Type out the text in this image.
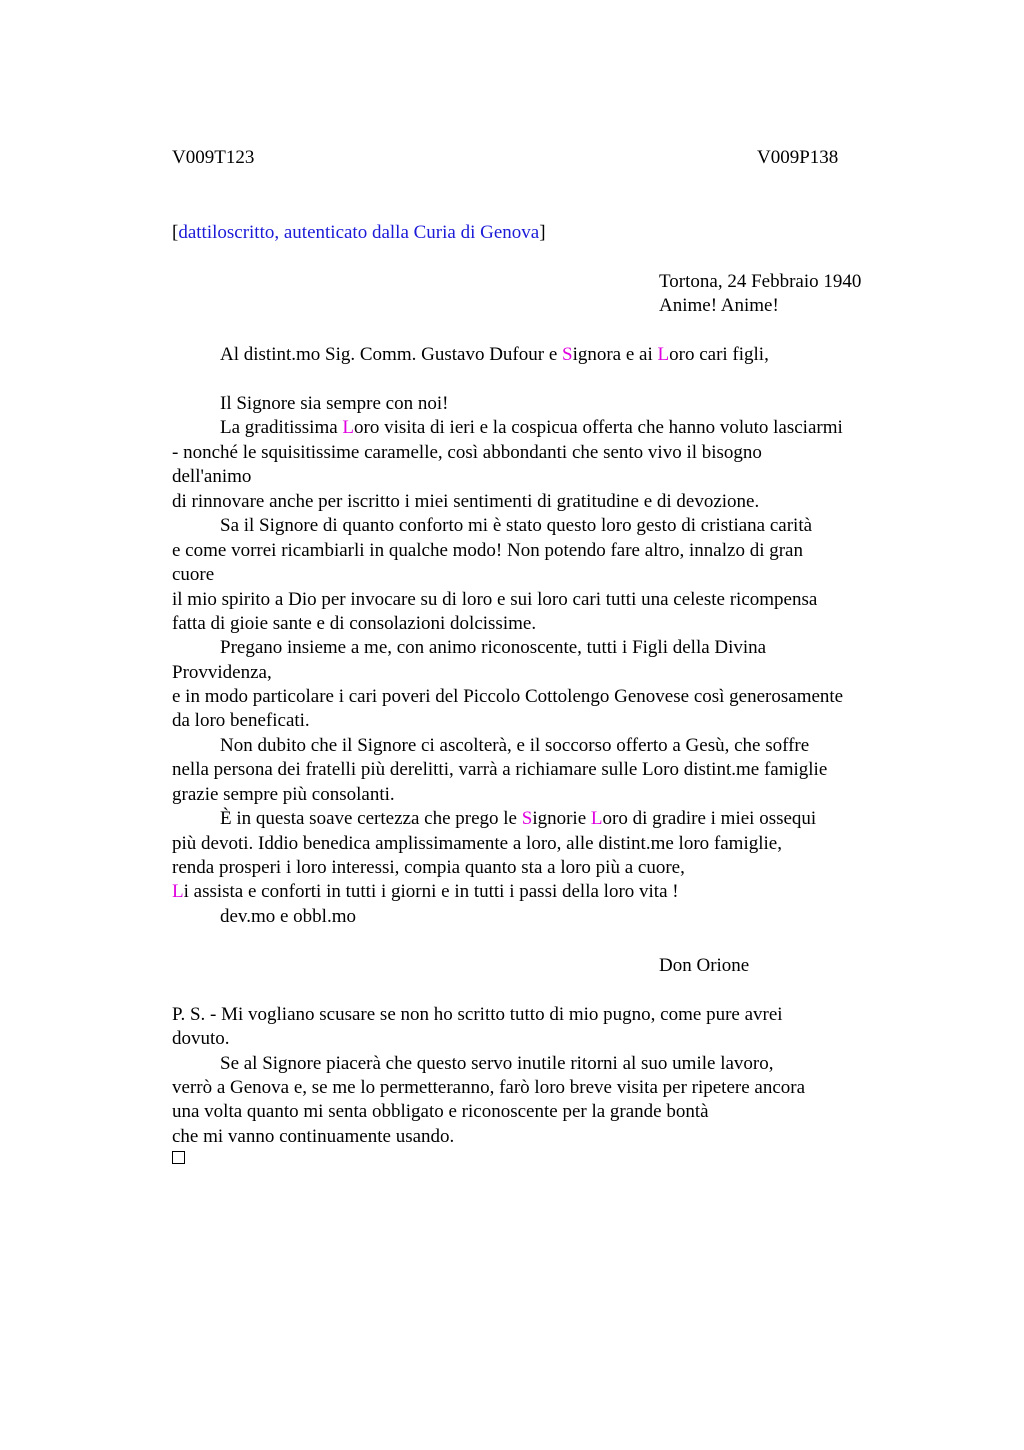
V009T123	V009P138
[dattiloscritto, autenticato dalla Curia di Genova]
Tortona, 24 Febbraio 1940
Anime! Anime!
Al distint.mo Sig. Comm. Gustavo Dufour e Signora e ai Loro cari figli,
Il Signore sia sempre con noi!
La graditissima Loro visita di ieri e la cospicua offerta che hanno voluto lasciarmi
- nonché le squisitissime caramelle, così abbondanti che sento vivo il bisogno
dell'animo
di rinnovare anche per iscritto i miei sentimenti di gratitudine e di devozione.
Sa il Signore di quanto conforto mi è stato questo loro gesto di cristiana carità
e come vorrei ricambiarli in qualche modo! Non potendo fare altro, innalzo di gran
cuore
il mio spirito a Dio per invocare su di loro e sui loro cari tutti una celeste ricompensa
fatta di gioie sante e di consolazioni dolcissime.
Pregano insieme a me, con animo riconoscente, tutti i Figli della Divina
Provvidenza,
e in modo particolare i cari poveri del Piccolo Cottolengo Genovese così generosamente
da loro beneficati.
Non dubito che il Signore ci ascolterà, e il soccorso offerto a Gesù, che soffre
nella persona dei fratelli più derelitti, varrà a richiamare sulle Loro distint.me famiglie
grazie sempre più consolanti.
È in questa soave certezza che prego le Signorie Loro di gradire i miei ossequi
più devoti. Iddio benedica amplissimamente a loro, alle distint.me loro famiglie,
renda prosperi i loro interessi, compia quanto sta a loro più a cuore,
Li assista e conforti in tutti i giorni e in tutti i passi della loro vita !
dev.mo e obbl.mo
Don Orione
P. S. - Mi vogliano scusare se non ho scritto tutto di mio pugno, come pure avrei
dovuto.
Se al Signore piacerà che questo servo inutile ritorni al suo umile lavoro,
verrò a Genova e, se me lo permetteranno, farò loro breve visita per ripetere ancora
una volta quanto mi senta obbligato e riconoscente per la grande bontà
che mi vanno continuamente usando.
